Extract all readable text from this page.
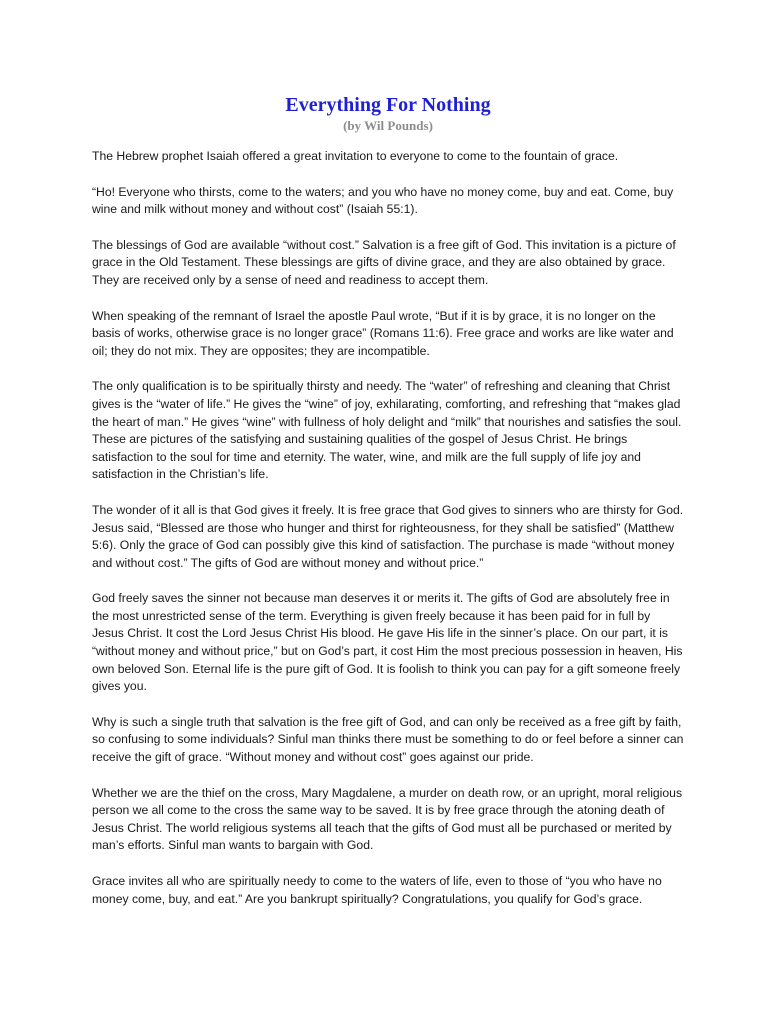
Everything For Nothing
(by Wil Pounds)

The Hebrew prophet Isaiah offered a great invitation to everyone to come to the fountain of grace.

“Ho! Everyone who thirsts, come to the waters; and you who have no money come, buy and eat. Come, buy wine and milk without money and without cost” (Isaiah 55:1).

The blessings of God are available “without cost.” Salvation is a free gift of God. This invitation is a picture of grace in the Old Testament. These blessings are gifts of divine grace, and they are also obtained by grace. They are received only by a sense of need and readiness to accept them.

When speaking of the remnant of Israel the apostle Paul wrote, “But if it is by grace, it is no longer on the basis of works, otherwise grace is no longer grace” (Romans 11:6). Free grace and works are like water and oil; they do not mix. They are opposites; they are incompatible.

The only qualification is to be spiritually thirsty and needy. The “water” of refreshing and cleaning that Christ gives is the “water of life.” He gives the “wine” of joy, exhilarating, comforting, and refreshing that “makes glad the heart of man.” He gives “wine” with fullness of holy delight and “milk” that nourishes and satisfies the soul. These are pictures of the satisfying and sustaining qualities of the gospel of Jesus Christ. He brings satisfaction to the soul for time and eternity. The water, wine, and milk are the full supply of life joy and satisfaction in the Christian’s life.

The wonder of it all is that God gives it freely. It is free grace that God gives to sinners who are thirsty for God. Jesus said, “Blessed are those who hunger and thirst for righteousness, for they shall be satisfied” (Matthew 5:6). Only the grace of God can possibly give this kind of satisfaction. The purchase is made “without money and without cost.” The gifts of God are without money and without price.”

God freely saves the sinner not because man deserves it or merits it. The gifts of God are absolutely free in the most unrestricted sense of the term. Everything is given freely because it has been paid for in full by Jesus Christ. It cost the Lord Jesus Christ His blood. He gave His life in the sinner’s place. On our part, it is “without money and without price,” but on God’s part, it cost Him the most precious possession in heaven, His own beloved Son. Eternal life is the pure gift of God. It is foolish to think you can pay for a gift someone freely gives you.

Why is such a single truth that salvation is the free gift of God, and can only be received as a free gift by faith, so confusing to some individuals? Sinful man thinks there must be something to do or feel before a sinner can receive the gift of grace. “Without money and without cost” goes against our pride.

Whether we are the thief on the cross, Mary Magdalene, a murder on death row, or an upright, moral religious person we all come to the cross the same way to be saved. It is by free grace through the atoning death of Jesus Christ. The world religious systems all teach that the gifts of God must all be purchased or merited by man’s efforts. Sinful man wants to bargain with God.

Grace invites all who are spiritually needy to come to the waters of life, even to those of “you who have no money come, buy, and eat.” Are you bankrupt spiritually? Congratulations, you qualify for God’s grace.
